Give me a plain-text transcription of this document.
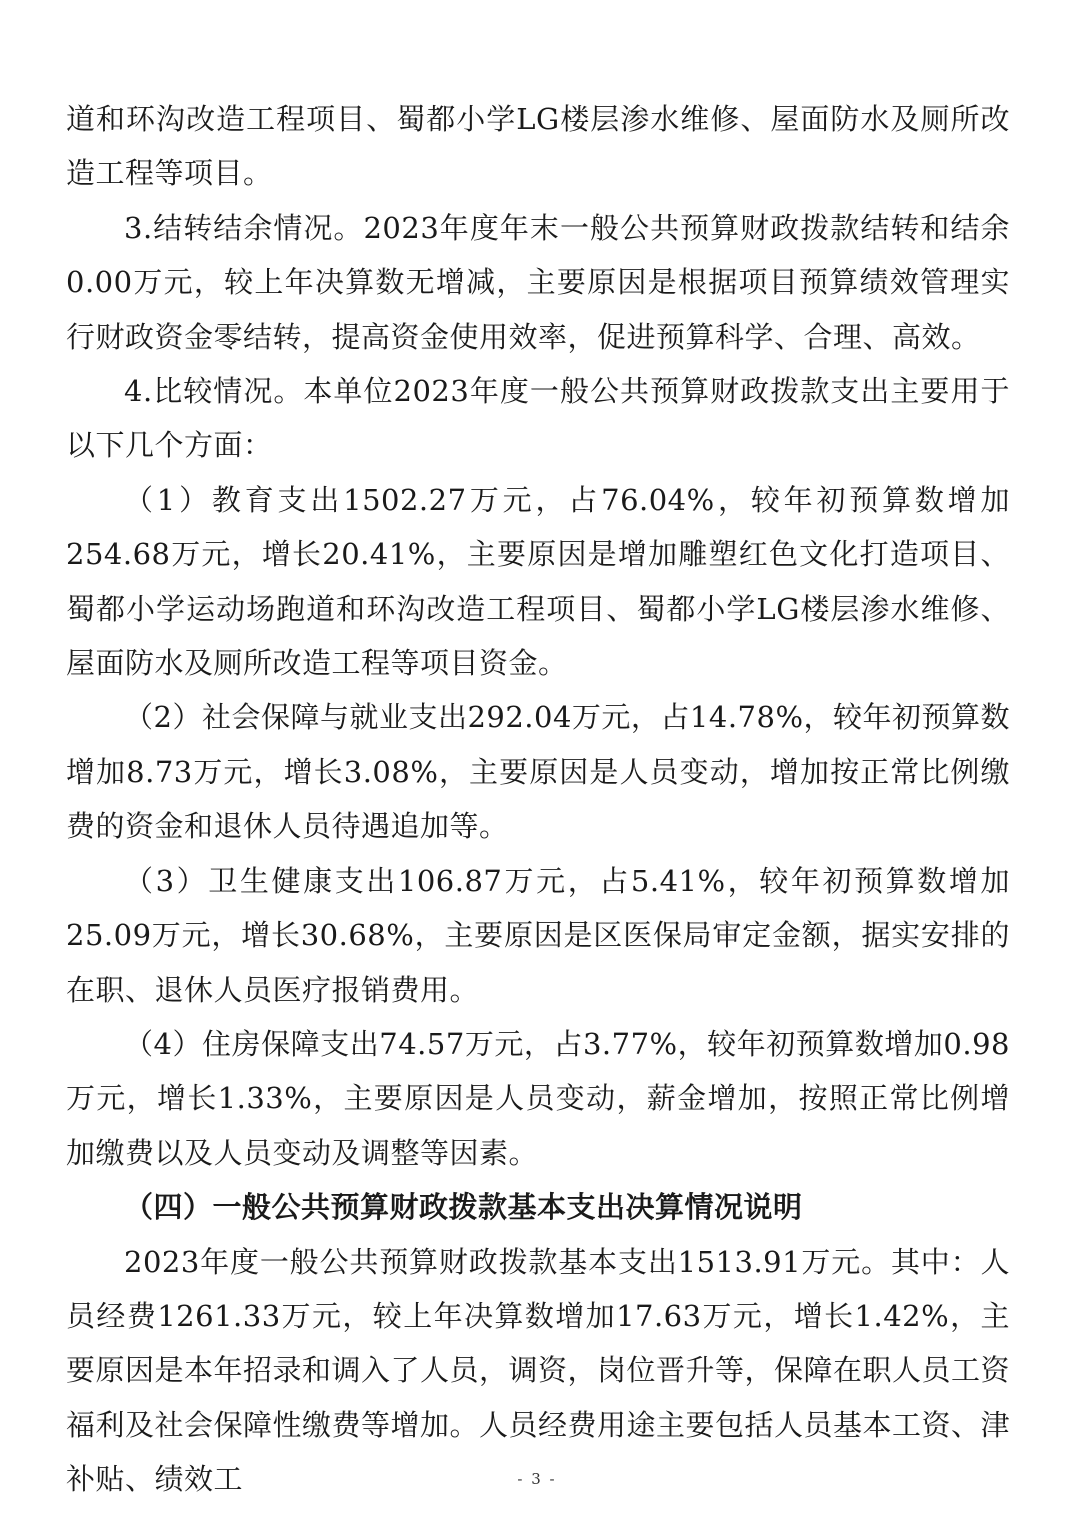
道和环沟改造工程项目、蜀都小学LG楼层渗水维修、屋面防水及厕所改造工程等项目。

3.结转结余情况。2023年度年末一般公共预算财政拨款结转和结余0.00万元，较上年决算数无增减，主要原因是根据项目预算绩效管理实行财政资金零结转，提高资金使用效率，促进预算科学、合理、高效。

4.比较情况。本单位2023年度一般公共预算财政拨款支出主要用于以下几个方面：

（1）教育支出1502.27万元，占76.04%，较年初预算数增加254.68万元，增长20.41%，主要原因是增加雕塑红色文化打造项目、蜀都小学运动场跑道和环沟改造工程项目、蜀都小学LG楼层渗水维修、屋面防水及厕所改造工程等项目资金。

（2）社会保障与就业支出292.04万元，占14.78%，较年初预算数增加8.73万元，增长3.08%，主要原因是人员变动，增加按正常比例缴费的资金和退休人员待遇追加等。

（3）卫生健康支出106.87万元，占5.41%，较年初预算数增加25.09万元，增长30.68%，主要原因是区医保局审定金额，据实安排的在职、退休人员医疗报销费用。

（4）住房保障支出74.57万元，占3.77%，较年初预算数增加0.98万元，增长1.33%，主要原因是人员变动，薪金增加，按照正常比例增加缴费以及人员变动及调整等因素。

（四）一般公共预算财政拨款基本支出决算情况说明

2023年度一般公共预算财政拨款基本支出1513.91万元。其中：人员经费1261.33万元，较上年决算数增加17.63万元，增长1.42%，主要原因是本年招录和调入了人员，调资，岗位晋升等，保障在职人员工资福利及社会保障性缴费等增加。人员经费用途主要包括人员基本工资、津补贴、绩效工	- 3 -
